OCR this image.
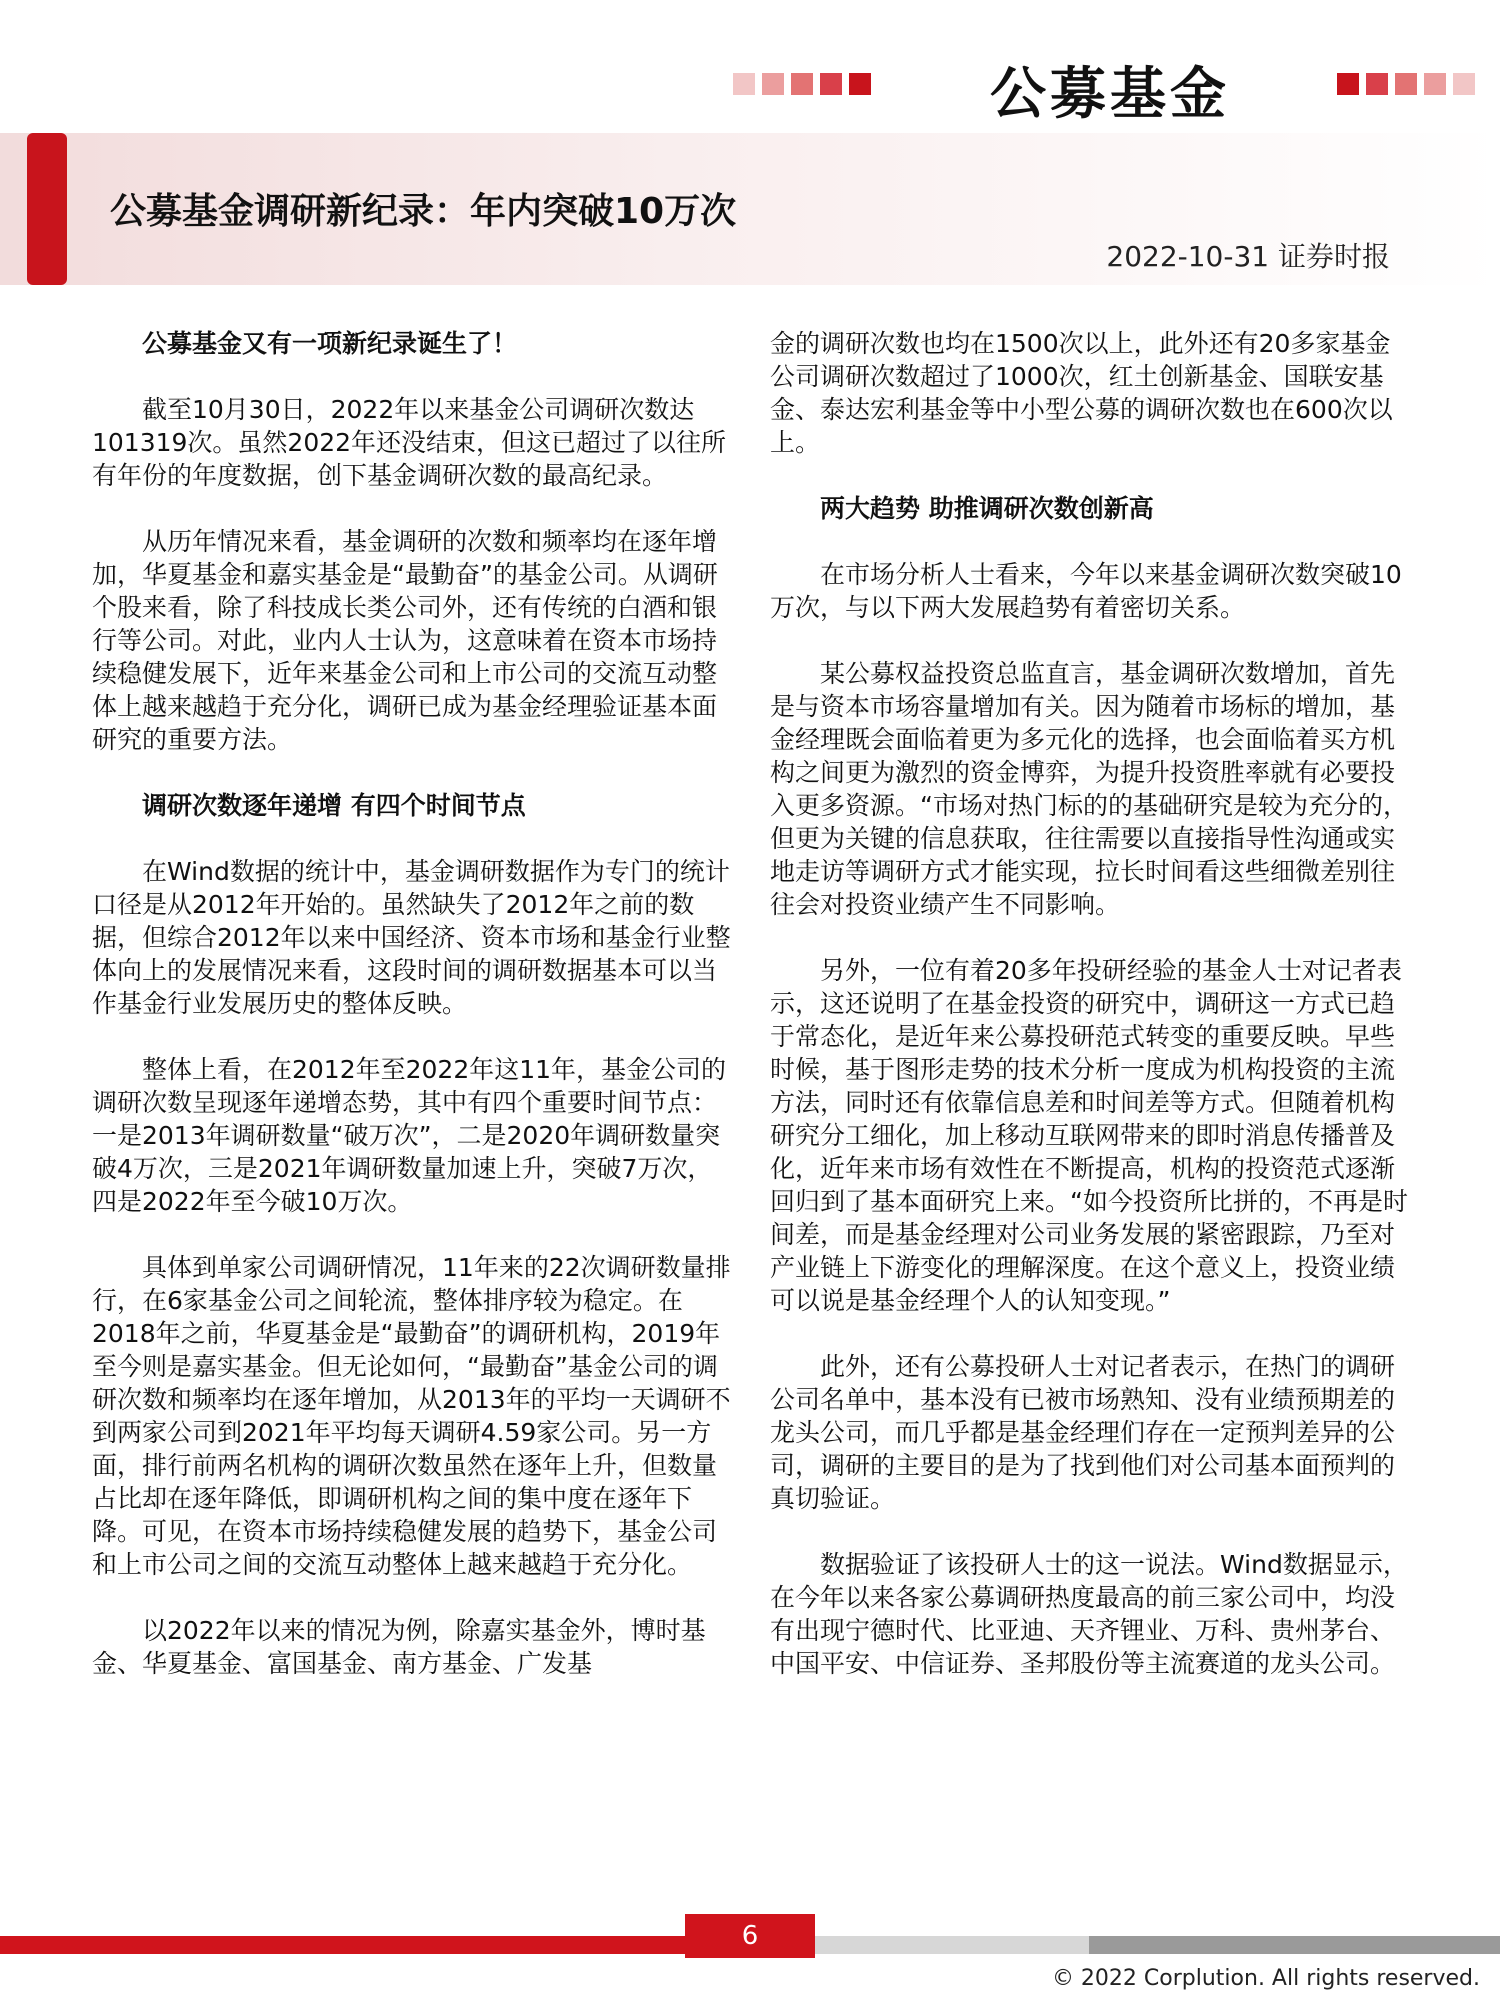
公募基金
公募基金调研新纪录：年内突破10万次
2022-10-31 证券时报

公募基金又有一项新纪录诞生了！

截至10月30日，2022年以来基金公司调研次数达101319次。虽然2022年还没结束，但这已超过了以往所有年份的年度数据，创下基金调研次数的最高纪录。

从历年情况来看，基金调研的次数和频率均在逐年增加，华夏基金和嘉实基金是“最勤奋”的基金公司。从调研个股来看，除了科技成长类公司外，还有传统的白酒和银行等公司。对此，业内人士认为，这意味着在资本市场持续稳健发展下，近年来基金公司和上市公司的交流互动整体上越来越趋于充分化，调研已成为基金经理验证基本面研究的重要方法。

调研次数逐年递增 有四个时间节点

在Wind数据的统计中，基金调研数据作为专门的统计口径是从2012年开始的。虽然缺失了2012年之前的数据，但综合2012年以来中国经济、资本市场和基金行业整体向上的发展情况来看，这段时间的调研数据基本可以当作基金行业发展历史的整体反映。

整体上看，在2012年至2022年这11年，基金公司的调研次数呈现逐年递增态势，其中有四个重要时间节点：一是2013年调研数量“破万次”，二是2020年调研数量突破4万次，三是2021年调研数量加速上升，突破7万次，四是2022年至今破10万次。

具体到单家公司调研情况，11年来的22次调研数量排行，在6家基金公司之间轮流，整体排序较为稳定。在2018年之前，华夏基金是“最勤奋”的调研机构，2019年至今则是嘉实基金。但无论如何，“最勤奋”基金公司的调研次数和频率均在逐年增加，从2013年的平均一天调研不到两家公司到2021年平均每天调研4.59家公司。另一方面，排行前两名机构的调研次数虽然在逐年上升，但数量占比却在逐年降低，即调研机构之间的集中度在逐年下降。可见，在资本市场持续稳健发展的趋势下，基金公司和上市公司之间的交流互动整体上越来越趋于充分化。

以2022年以来的情况为例，除嘉实基金外，博时基金、华夏基金、富国基金、南方基金、广发基

金的调研次数也均在1500次以上，此外还有20多家基金公司调研次数超过了1000次，红土创新基金、国联安基金、泰达宏利基金等中小型公募的调研次数也在600次以上。

两大趋势 助推调研次数创新高

在市场分析人士看来，今年以来基金调研次数突破10万次，与以下两大发展趋势有着密切关系。

某公募权益投资总监直言，基金调研次数增加，首先是与资本市场容量增加有关。因为随着市场标的增加，基金经理既会面临着更为多元化的选择，也会面临着买方机构之间更为激烈的资金博弈，为提升投资胜率就有必要投入更多资源。“市场对热门标的的基础研究是较为充分的，但更为关键的信息获取，往往需要以直接指导性沟通或实地走访等调研方式才能实现，拉长时间看这些细微差别往往会对投资业绩产生不同影响。

另外，一位有着20多年投研经验的基金人士对记者表示，这还说明了在基金投资的研究中，调研这一方式已趋于常态化，是近年来公募投研范式转变的重要反映。早些时候，基于图形走势的技术分析一度成为机构投资的主流方法，同时还有依靠信息差和时间差等方式。但随着机构研究分工细化，加上移动互联网带来的即时消息传播普及化，近年来市场有效性在不断提高，机构的投资范式逐渐回归到了基本面研究上来。“如今投资所比拼的，不再是时间差，而是基金经理对公司业务发展的紧密跟踪，乃至对产业链上下游变化的理解深度。在这个意义上，投资业绩可以说是基金经理个人的认知变现。”

此外，还有公募投研人士对记者表示，在热门的调研公司名单中，基本没有已被市场熟知、没有业绩预期差的龙头公司，而几乎都是基金经理们存在一定预判差异的公司，调研的主要目的是为了找到他们对公司基本面预判的真切验证。

数据验证了该投研人士的这一说法。Wind数据显示，在今年以来各家公募调研热度最高的前三家公司中，均没有出现宁德时代、比亚迪、天齐锂业、万科、贵州茅台、中国平安、中信证券、圣邦股份等主流赛道的龙头公司。

6
© 2022 Corplution. All rights reserved.
